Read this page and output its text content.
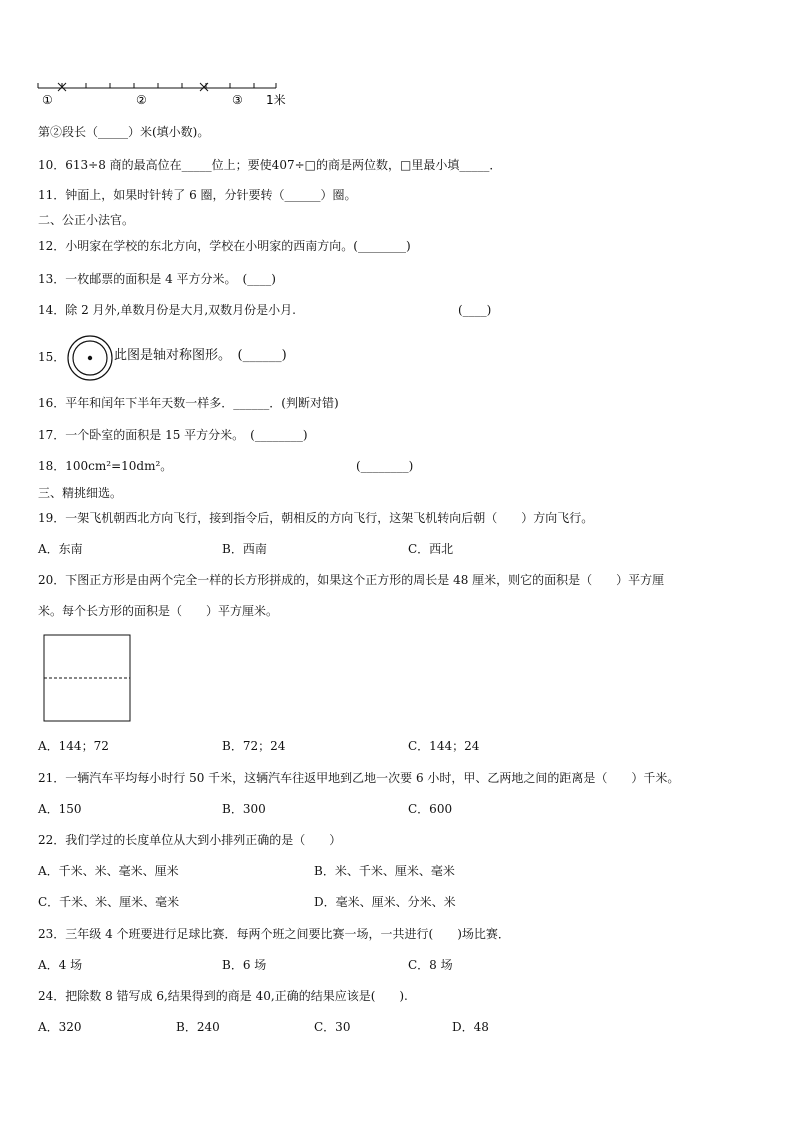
①	②	③ 1米
第②段长（_____）米(填小数)。
10．613÷8 商的最高位在_____位上；要使407÷□的商是两位数，□里最小填_____．
11．钟面上，如果时针转了 6 圈，分针要转（______）圈。
二、公正小法官。
12．小明家在学校的东北方向，学校在小明家的西南方向。(________)
13．一枚邮票的面积是 4 平方分米。　(____)
14．除 2 月外,单数月份是大月,双数月份是小月.	(____)
15．	此图是轴对称图形。　(______)
16．平年和闰年下半年天数一样多．______．(判断对错)
17．一个卧室的面积是 15 平方分米。　(________)
18．100cm²=10dm²。	(________)
三、精挑细选。
19．一架飞机朝西北方向飞行，接到指令后，朝相反的方向飞行，这架飞机转向后朝（　　）方向飞行。
A．东南	B．西南	C．西北
20．下图正方形是由两个完全一样的长方形拼成的，如果这个正方形的周长是 48 厘米，则它的面积是（　　）平方厘
米。每个长方形的面积是（　　）平方厘米。
A．144；72	B．72；24	C．144；24
21．一辆汽车平均每小时行 50 千米，这辆汽车往返甲地到乙地一次要 6 小时，甲、乙两地之间的距离是（　　）千米。
A．150	B．300	C．600
22．我们学过的长度单位从大到小排列正确的是（　　）
A．千米、米、毫米、厘米	B．米、千米、厘米、毫米
C．千米、米、厘米、毫米	D．毫米、厘米、分米、米
23．三年级 4 个班要进行足球比赛．每两个班之间要比赛一场，一共进行(　　)场比赛．
A．4 场	B．6 场	C．8 场
24．把除数 8 错写成 6,结果得到的商是 40,正确的结果应该是(　　).
A．320	B．240	C．30	D．48
